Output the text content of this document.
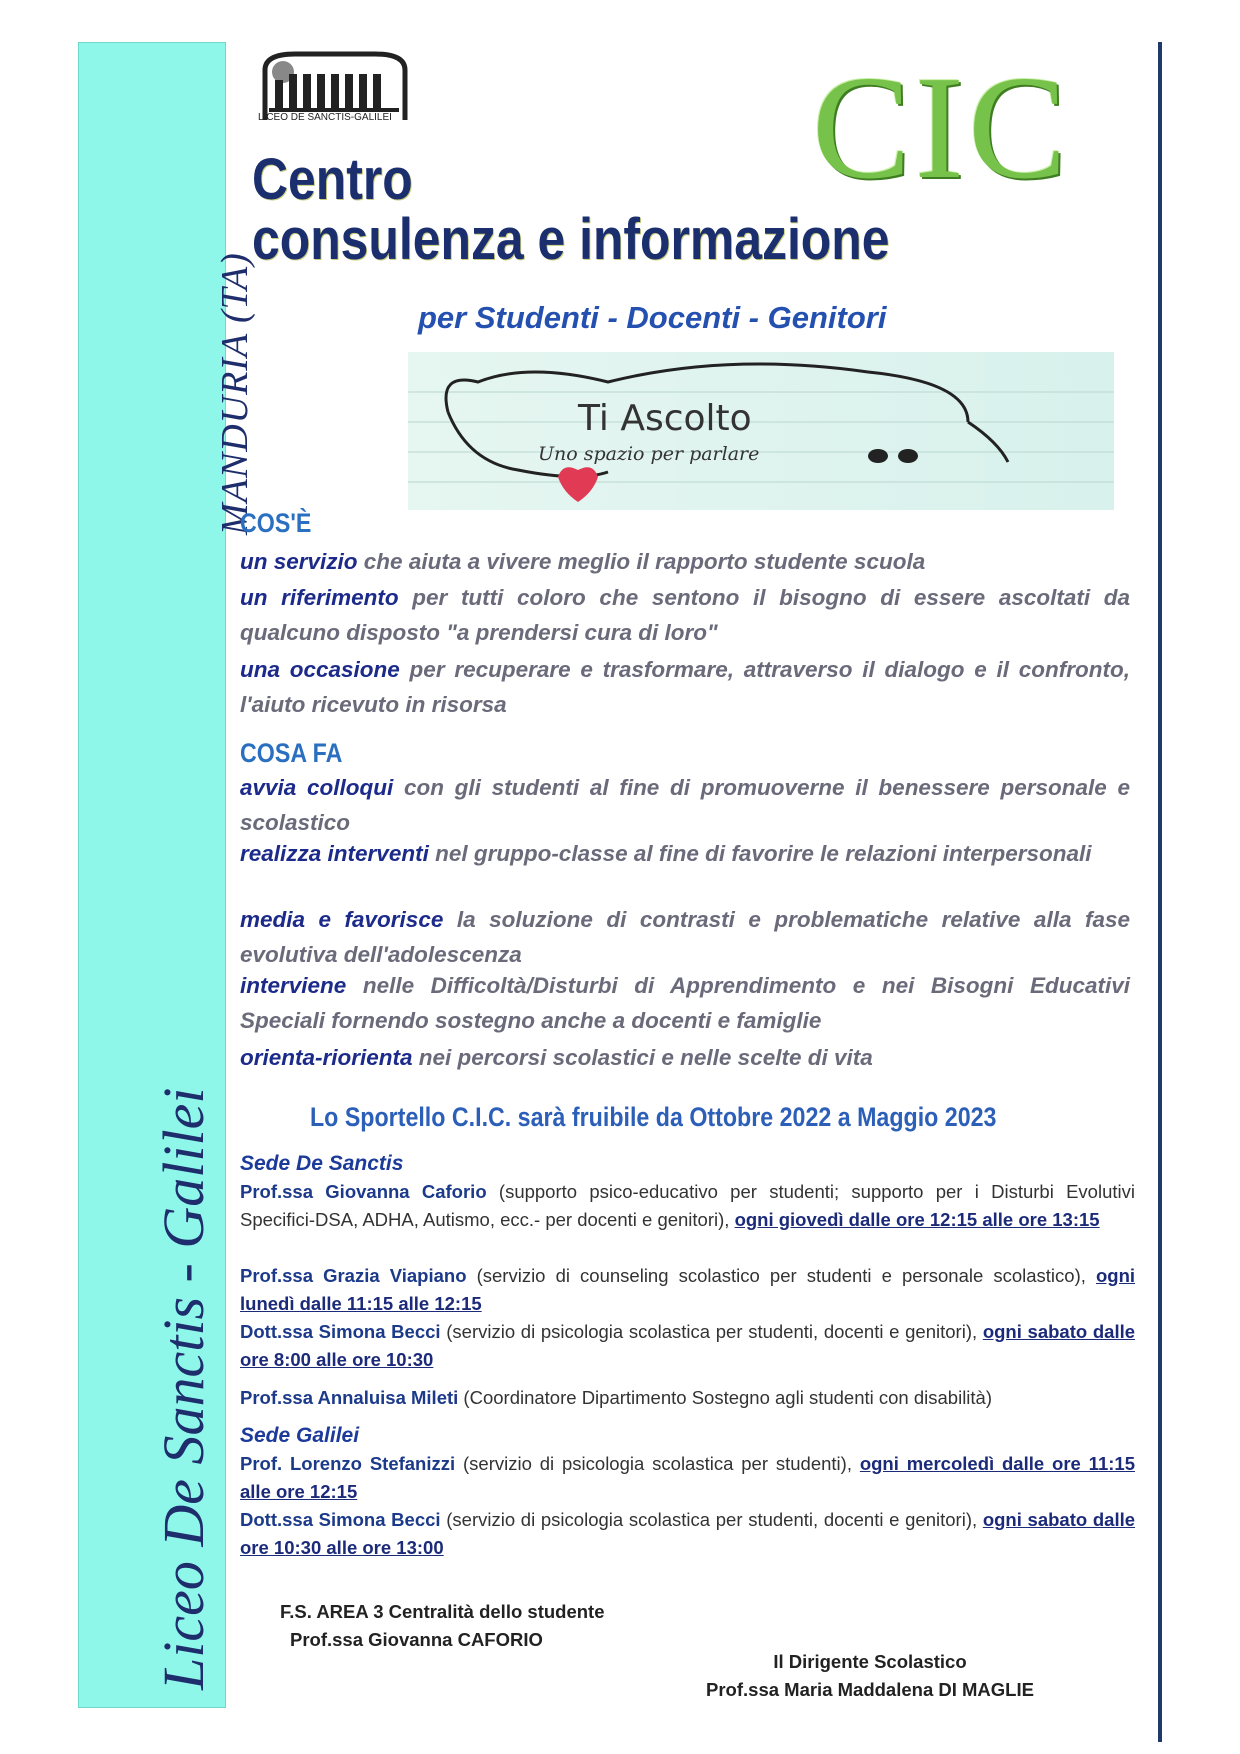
Liceo De Sanctis - Galilei
MANDURIA (TA)
LICEO DE SANCTIS-GALILEI	CIC
Centro
consulenza e informazione
per Studenti - Docenti - Genitori
Ti Ascolto
Uno spazio per parlare
COS'È
un servizio che aiuta a vivere meglio il rapporto studente scuola
un riferimento per tutti coloro che sentono il bisogno di essere ascoltati da qualcuno disposto "a prendersi cura di loro"
una occasione per recuperare e trasformare, attraverso il dialogo e il confronto, l'aiuto ricevuto in risorsa
COSA FA
avvia colloqui con gli studenti al fine di promuoverne il benessere personale e scolastico
realizza interventi nel gruppo-classe al fine di favorire le relazioni interpersonali
media e favorisce la soluzione di contrasti e problematiche relative alla fase evolutiva dell'adolescenza
interviene nelle Difficoltà/Disturbi di Apprendimento e nei Bisogni Educativi Speciali fornendo sostegno anche a docenti e famiglie
orienta-riorienta nei percorsi scolastici e nelle scelte di vita
Lo Sportello C.I.C. sarà fruibile da Ottobre 2022 a Maggio 2023
Sede De Sanctis
Prof.ssa Giovanna Caforio (supporto psico-educativo per studenti; supporto per i Disturbi Evolutivi Specifici-DSA, ADHA, Autismo, ecc.- per docenti e genitori), ogni giovedì dalle ore 12:15 alle ore 13:15
Prof.ssa Grazia Viapiano (servizio di counseling scolastico per studenti e personale scolastico), ogni lunedì dalle 11:15 alle 12:15
Dott.ssa Simona Becci (servizio di psicologia scolastica per studenti, docenti e genitori), ogni sabato dalle ore 8:00 alle ore 10:30
Prof.ssa Annaluisa Mileti (Coordinatore Dipartimento Sostegno agli studenti con disabilità)
Sede Galilei
Prof. Lorenzo Stefanizzi (servizio di psicologia scolastica per studenti), ogni mercoledì dalle ore 11:15 alle ore 12:15
Dott.ssa Simona Becci (servizio di psicologia scolastica per studenti, docenti e genitori), ogni sabato dalle ore 10:30 alle ore 13:00
F.S. AREA 3 Centralità dello studente
Prof.ssa Giovanna CAFORIO
Il Dirigente Scolastico
Prof.ssa Maria Maddalena DI MAGLIE
